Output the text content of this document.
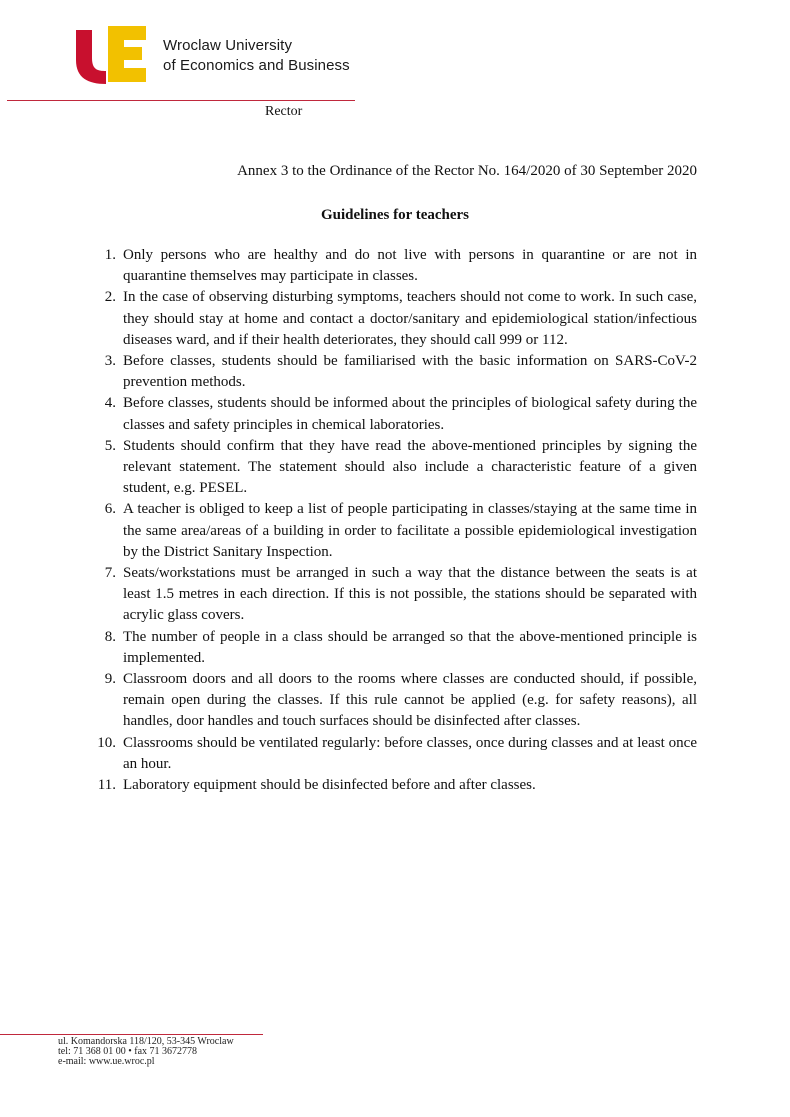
Wroclaw University
of Economics and Business
Rector
Annex 3 to the Ordinance of the Rector No. 164/2020 of 30 September 2020
Guidelines for teachers
1. Only persons who are healthy and do not live with persons in quarantine or are not in quarantine themselves may participate in classes.
2. In the case of observing disturbing symptoms, teachers should not come to work. In such case, they should stay at home and contact a doctor/sanitary and epidemiological station/infectious diseases ward, and if their health deteriorates, they should call 999 or 112.
3. Before classes, students should be familiarised with the basic information on SARS-CoV-2 prevention methods.
4. Before classes, students should be informed about the principles of biological safety during the classes and safety principles in chemical laboratories.
5. Students should confirm that they have read the above-mentioned principles by signing the relevant statement. The statement should also include a characteristic feature of a given student, e.g. PESEL.
6. A teacher is obliged to keep a list of people participating in classes/staying at the same time in the same area/areas of a building in order to facilitate a possible epidemiological investigation by the District Sanitary Inspection.
7. Seats/workstations must be arranged in such a way that the distance between the seats is at least 1.5 metres in each direction. If this is not possible, the stations should be separated with acrylic glass covers.
8. The number of people in a class should be arranged so that the above-mentioned principle is implemented.
9. Classroom doors and all doors to the rooms where classes are conducted should, if possible, remain open during the classes. If this rule cannot be applied (e.g. for safety reasons), all handles, door handles and touch surfaces should be disinfected after classes.
10. Classrooms should be ventilated regularly: before classes, once during classes and at least once an hour.
11. Laboratory equipment should be disinfected before and after classes.
ul. Komandorska 118/120, 53-345 Wroclaw
tel: 71 368 01 00 • fax 71 3672778
e-mail: www.ue.wroc.pl
